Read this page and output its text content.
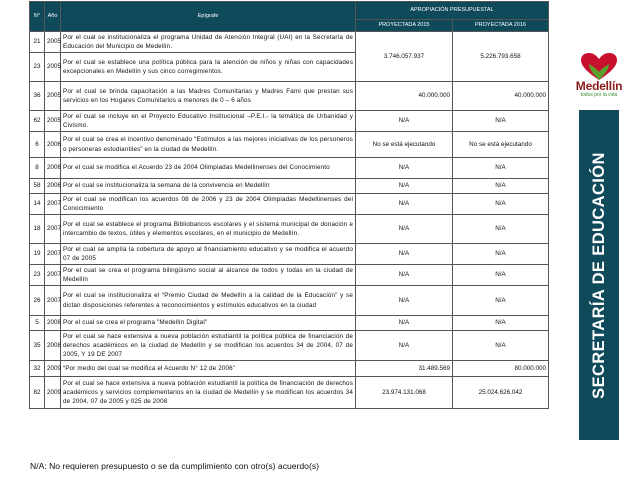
N°	Año	Epígrafe	APROPIACIÓN PRESUPUESTAL	
			PROYECTADA 2015	PROYECTADA 2016
21	2005	Por el cual se institucionaliza el programa Unidad de Atención Integral (UAI) en la Secretaría de Educación del Municipio de Medellín.	3.746.057.937	5.226.793.658
23	2005	Por el cual se establece una política pública para la atención de niños y niñas con capacidades excepcionales en Medellín y sus cinco corregimientos.		
36	2005	Por el cual se brinda capacitación a las Madres Comunitarias y Madres Fami que prestan sus servicios en los Hogares Comunitarios a menores de 0 – 6 años	40.000.000	40.000.000
62	2005	Por el cual se incluye en el Proyecto Educativo Institucional –P.E.I.- la temática de Urbanidad y Civismo.	N/A	N/A
6	2006	Por el cual se crea el incentivo denominado “Estímulos a las mejores iniciativas de los personeros o personeras estudiantiles” en la ciudad de Medellín.	No se está ejecutando	No se está ejecutando
8	2006	Por el cual se modifica el Acuerdo 23 de 2004 Olimpiadas Medellinenses del Conocimiento	N/A	N/A
58	2006	Por el cual se institucionaliza la semana de la convivencia en Medellín	N/A	N/A
14	2007	Por el cual se modifican los acuerdos 08 de 2006 y 23 de 2004 Olimpiadas Medellinenses del Conocimiento	N/A	N/A
18	2007	Por el cual se establece el programa Bibliobancos escolares y el sistema municipal de donación e intercambio de textos, útiles y elementos escolares, en el municipio de Medellín.	N/A	N/A
19	2007	Por el cual se amplía la cobertura de apoyo al financiamiento educativo y se modifica el acuerdo 07 de 2005	N/A	N/A
23	2007	Por el cual se crea el programa bilingüismo social al alcance de todos y todas en la ciudad de Medellín	N/A	N/A
26	2007	Por el cual se institucionaliza el “Premio Ciudad de Medellín a la calidad de la Educación” y se dictan disposiciones referentes a reconocimientos y estímulos educativos en la ciudad	N/A	N/A
5	2008	Por el cual se crea el programa "Medellín Digital"	N/A	N/A
35	2008	Por el cual se hace extensiva a nueva población estudiantil la política pública de financiación de derechos académicos en la ciudad de Medellín y se modifican los acuerdos 34 de 2004, 07 de 2005, Y 19 DE 2007	N/A	N/A
32	2009	“Por medio del cual se modifica el Acuerdo N° 12 de 2006”	31.489.569	80.000.000
82	2009	Por el cual se hace extensiva a nueva población estudiantil la política de financiación de derechos académicos y servicios complementarios en la ciudad de Medellín y se modifican los acuerdos 34 de 2004, 07 de 2005 y 025 de 2008	23.974.131.068	25.024.626.042
N/A: No requieren presupuesto o se da cumplimiento con otro(s) acuerdo(s)
Medellín
todos por la vida
SECRETARÍA DE EDUCACIÓN
